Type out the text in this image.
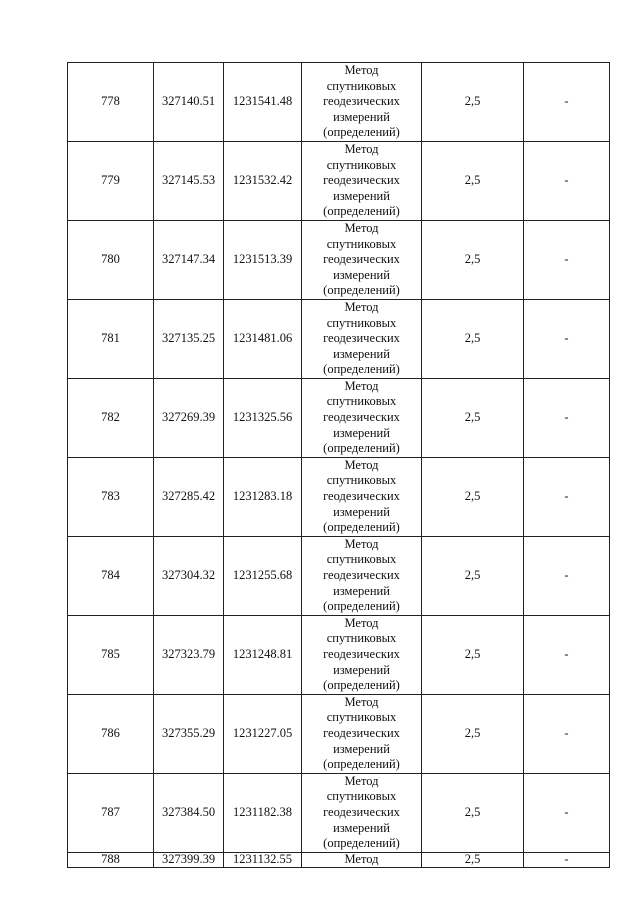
778	327140.51	1231541.48	Метод
спутниковых
геодезических
измерений
(определений)	2,5	-
779	327145.53	1231532.42	Метод
спутниковых
геодезических
измерений
(определений)	2,5	-
780	327147.34	1231513.39	Метод
спутниковых
геодезических
измерений
(определений)	2,5	-
781	327135.25	1231481.06	Метод
спутниковых
геодезических
измерений
(определений)	2,5	-
782	327269.39	1231325.56	Метод
спутниковых
геодезических
измерений
(определений)	2,5	-
783	327285.42	1231283.18	Метод
спутниковых
геодезических
измерений
(определений)	2,5	-
784	327304.32	1231255.68	Метод
спутниковых
геодезических
измерений
(определений)	2,5	-
785	327323.79	1231248.81	Метод
спутниковых
геодезических
измерений
(определений)	2,5	-
786	327355.29	1231227.05	Метод
спутниковых
геодезических
измерений
(определений)	2,5	-
787	327384.50	1231182.38	Метод
спутниковых
геодезических
измерений
(определений)	2,5	-
788	327399.39	1231132.55	Метод	2,5	-
